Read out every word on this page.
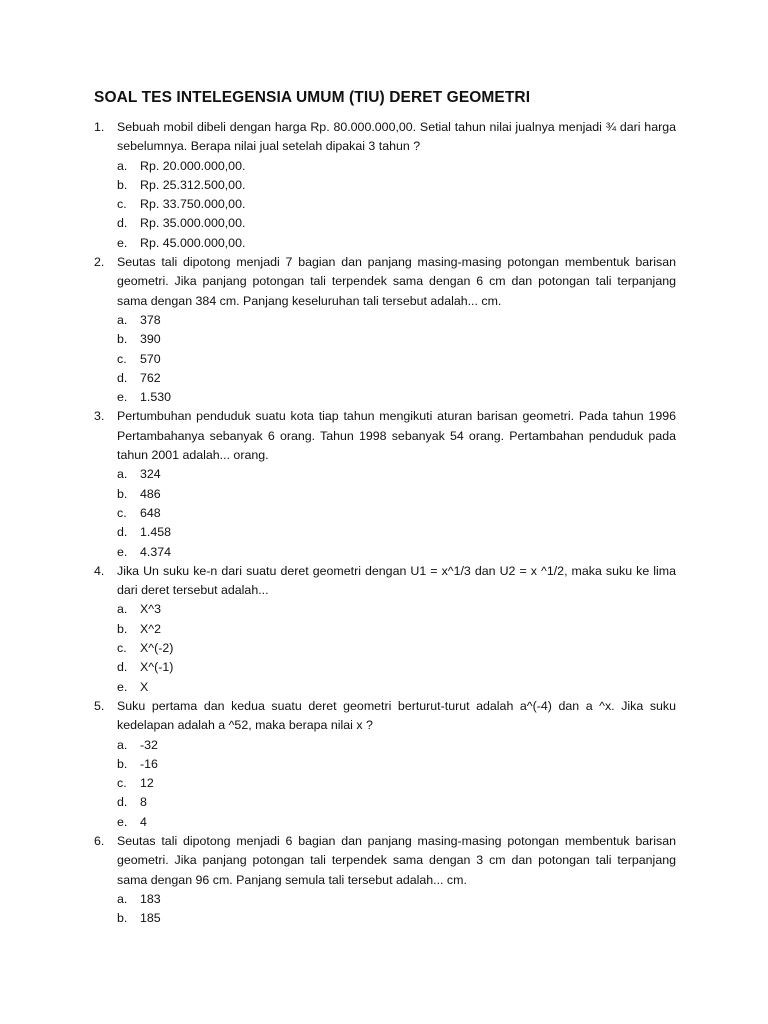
SOAL TES INTELEGENSIA UMUM (TIU) DERET GEOMETRI
1. Sebuah mobil dibeli dengan harga Rp. 80.000.000,00. Setial tahun nilai jualnya menjadi ¾ dari harga sebelumnya. Berapa nilai jual setelah dipakai 3 tahun ?
a. Rp. 20.000.000,00.
b. Rp. 25.312.500,00.
c. Rp. 33.750.000,00.
d. Rp. 35.000.000,00.
e. Rp. 45.000.000,00.
2. Seutas tali dipotong menjadi 7 bagian dan panjang masing-masing potongan membentuk barisan geometri. Jika panjang potongan tali terpendek sama dengan 6 cm dan potongan tali terpanjang sama dengan 384 cm. Panjang keseluruhan tali tersebut adalah... cm.
a. 378
b. 390
c. 570
d. 762
e. 1.530
3. Pertumbuhan penduduk suatu kota tiap tahun mengikuti aturan barisan geometri. Pada tahun 1996 Pertambahanya sebanyak 6 orang. Tahun 1998 sebanyak 54 orang. Pertambahan penduduk pada tahun 2001 adalah... orang.
a. 324
b. 486
c. 648
d. 1.458
e. 4.374
4. Jika Un suku ke-n dari suatu deret geometri dengan U1 = x^1/3 dan U2 = x ^1/2, maka suku ke lima dari deret tersebut adalah...
a. X^3
b. X^2
c. X^(-2)
d. X^(-1)
e. X
5. Suku pertama dan kedua suatu deret geometri berturut-turut adalah a^(-4) dan a ^x. Jika suku kedelapan adalah a ^52, maka berapa nilai x ?
a. -32
b. -16
c. 12
d. 8
e. 4
6. Seutas tali dipotong menjadi 6 bagian dan panjang masing-masing potongan membentuk barisan geometri. Jika panjang potongan tali terpendek sama dengan 3 cm dan potongan tali terpanjang sama dengan 96 cm. Panjang semula tali tersebut adalah... cm.
a. 183
b. 185
